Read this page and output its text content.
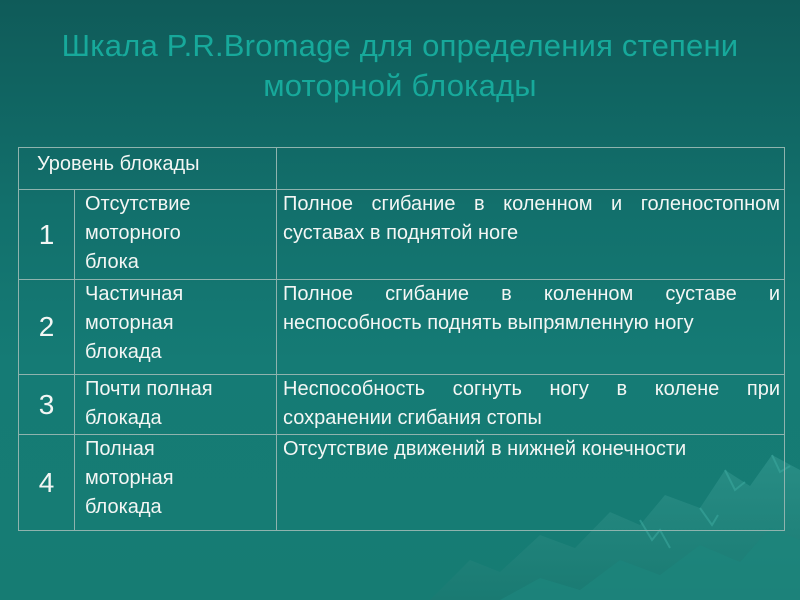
Шкала P.R.Bromage для определения степени
моторной блокады
Уровень блокады		
1	Отсутствие
моторного
блока	Полное сгибание в коленном и голеностопном суставах в поднятой ноге
2	Частичная
моторная
блокада	Полное сгибание в коленном суставе и неспособность поднять выпрямленную ногу
3	Почти полная
блокада	Неспособность согнуть ногу в колене при сохранении сгибания стопы
4	Полная
моторная
блокада	Отсутствие движений в нижней конечности
